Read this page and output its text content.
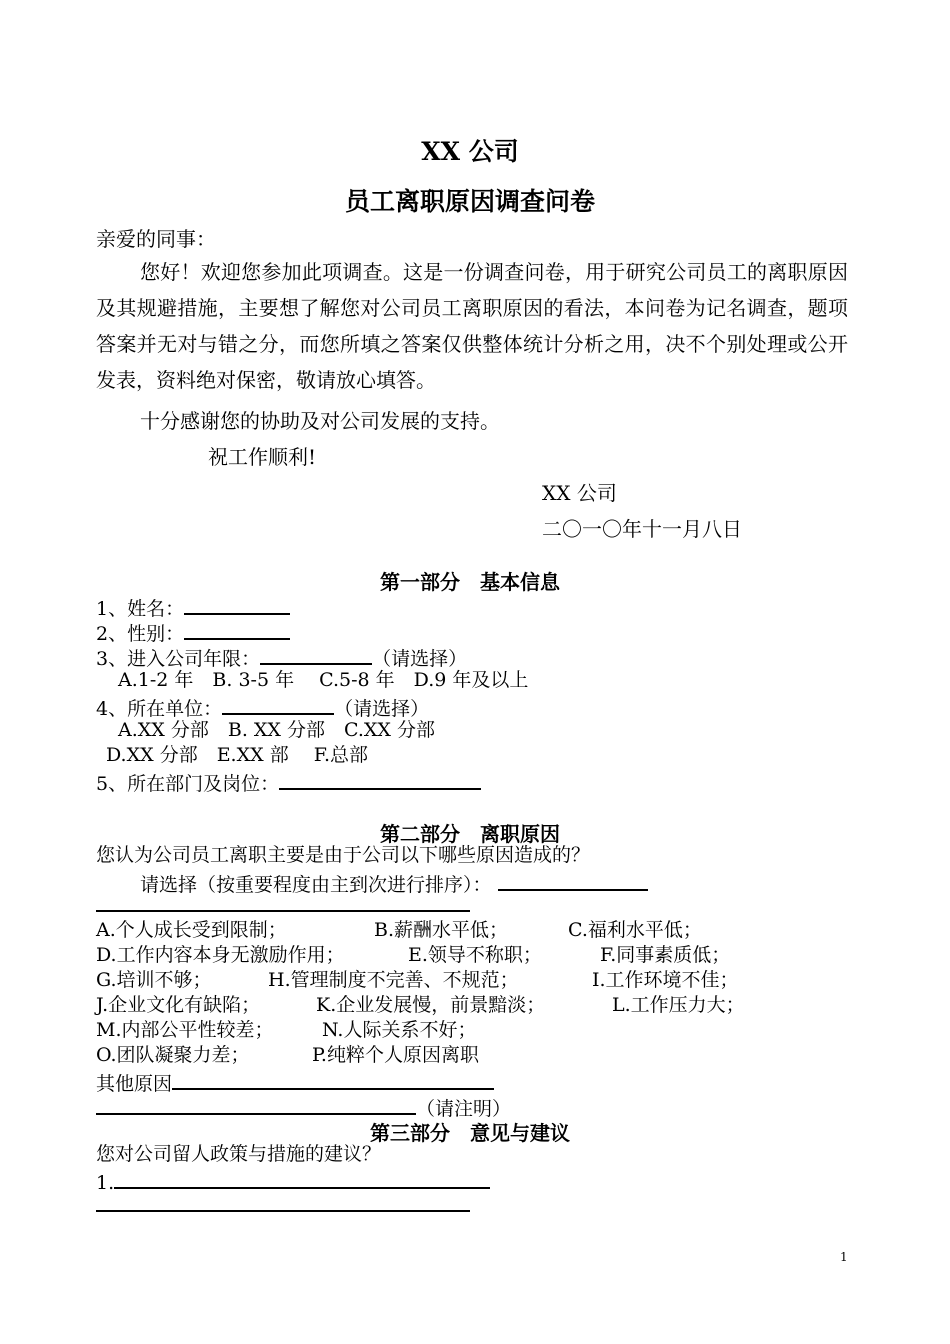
XX 公司
员工离职原因调查问卷
亲爱的同事：
您好！欢迎您参加此项调查。这是一份调查问卷，用于研究公司员工的离职原因及其规避措施，主要想了解您对公司员工离职原因的看法，本问卷为记名调查，题项答案并无对与错之分，而您所填之答案仅供整体统计分析之用，决不个别处理或公开发表，资料绝对保密，敬请放心填答。
十分感谢您的协助及对公司发展的支持。
祝工作顺利!
XX 公司
二〇一〇年十一月八日
第一部分　基本信息
1、姓名：
2、性别：
3、进入公司年限：	（请选择）
A.1-2 年　B. 3-5 年　 C.5-8 年　D.9 年及以上
4、所在单位：	（请选择）
A.XX 分部　B. XX 分部　C.XX 分部
D.XX 分部　E.XX 部　 F.总部
5、所在部门及岗位：
第二部分　离职原因
您认为公司员工离职主要是由于公司以下哪些原因造成的？
请选择（按重要程度由主到次进行排序）：
A.个人成长受到限制；	B.薪酬水平低；	C.福利水平低；
D.工作内容本身无激励作用；	E.领导不称职；	F.同事素质低；
G.培训不够；	H.管理制度不完善、不规范；	I.工作环境不佳；
J.企业文化有缺陷；	K.企业发展慢，前景黯淡；	L.工作压力大；
M.内部公平性较差；	N.人际关系不好；
O.团队凝聚力差；	P.纯粹个人原因离职
其他原因
（请注明）
第三部分　意见与建议
您对公司留人政策与措施的建议？
1.
1
